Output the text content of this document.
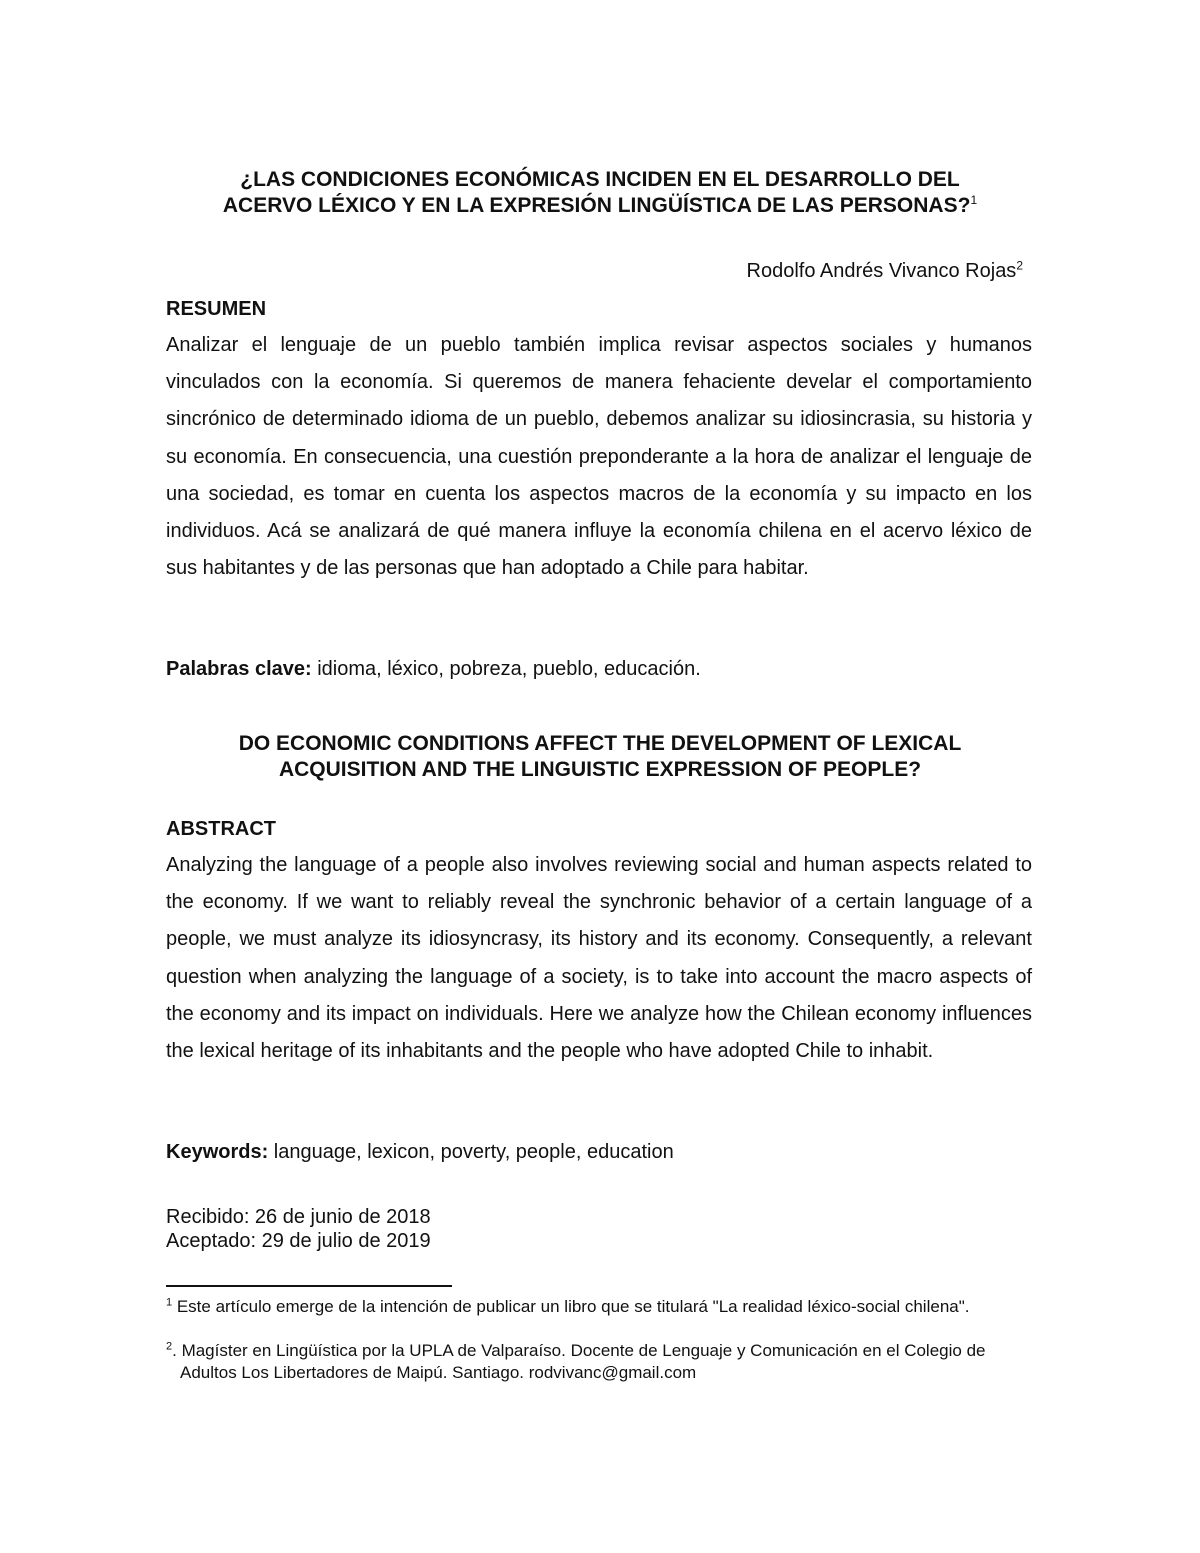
¿LAS CONDICIONES ECONÓMICAS INCIDEN EN EL DESARROLLO DEL
ACERVO LÉXICO Y EN LA EXPRESIÓN LINGÜÍSTICA DE LAS PERSONAS?$^1$
Rodolfo Andrés Vivanco Rojas$^2$
RESUMEN

Analizar el lenguaje de un pueblo también implica revisar aspectos sociales y humanos vinculados con la economía. Si queremos de manera fehaciente develar el comportamiento sincrónico de determinado idioma de un pueblo, debemos analizar su idiosincrasia, su historia y su economía. En consecuencia, una cuestión preponderante a la hora de analizar el lenguaje de una sociedad, es tomar en cuenta los aspectos macros de la economía y su impacto en los individuos. Acá se analizará de qué manera influye la economía chilena en el acervo léxico de sus habitantes y de las personas que han adoptado a Chile para habitar.

Palabras clave: idioma, léxico, pobreza, pueblo, educación.
DO ECONOMIC CONDITIONS AFFECT THE DEVELOPMENT OF LEXICAL
ACQUISITION AND THE LINGUISTIC EXPRESSION OF PEOPLE?
ABSTRACT

Analyzing the language of a people also involves reviewing social and human aspects related to the economy. If we want to reliably reveal the synchronic behavior of a certain language of a people, we must analyze its idiosyncrasy, its history and its economy. Consequently, a relevant question when analyzing the language of a society, is to take into account the macro aspects of the economy and its impact on individuals. Here we analyze how the Chilean economy influences the lexical heritage of its inhabitants and the people who have adopted Chile to inhabit.

Keywords: language, lexicon, poverty, people, education
Recibido: 26 de junio de 2018
Aceptado: 29 de julio de 2019
$^1$ Este artículo emerge de la intención de publicar un libro que se titulará "La realidad léxico-social chilena".
$^2$. Magíster en Lingüística por la UPLA de Valparaíso. Docente de Lenguaje y Comunicación en el Colegio de Adultos Los Libertadores de Maipú. Santiago. rodvivanc@gmail.com
